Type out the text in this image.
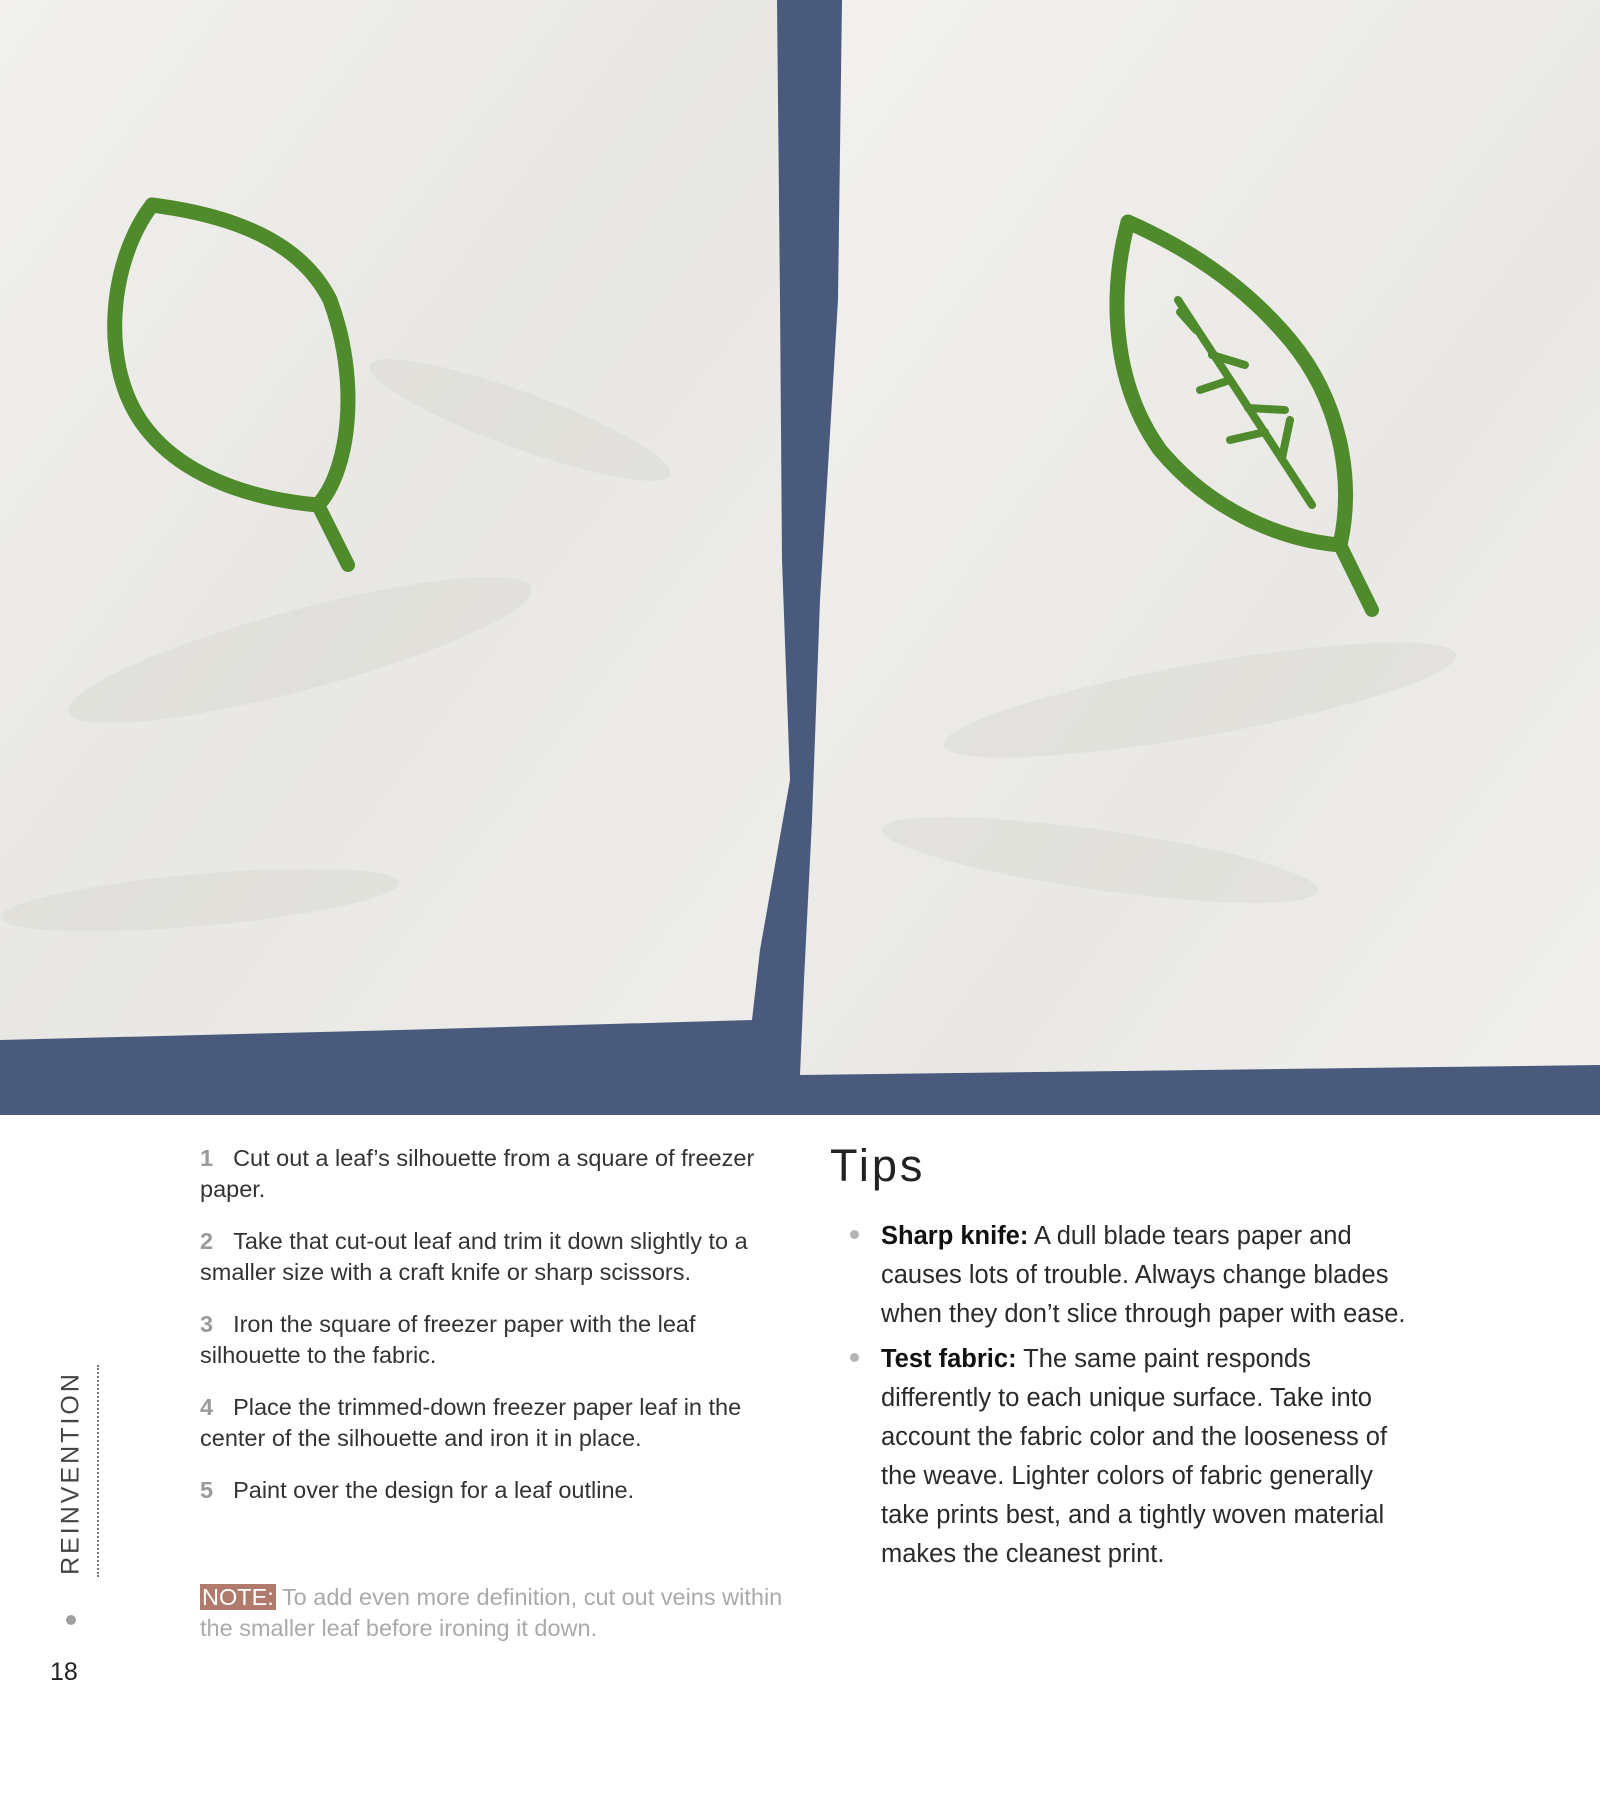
1 Cut out a leaf’s silhouette from a square of freezer paper.

2 Take that cut-out leaf and trim it down slightly to a smaller size with a craft knife or sharp scissors.

3 Iron the square of freezer paper with the leaf silhouette to the fabric.

4 Place the trimmed-down freezer paper leaf in the center of the silhouette and iron it in place.

5 Paint over the design for a leaf outline.

NOTE: To add even more definition, cut out veins within the smaller leaf before ironing it down.
Tips
Sharp knife: A dull blade tears paper and causes lots of trouble. Always change blades when they don’t slice through paper with ease.
Test fabric: The same paint responds differently to each unique surface. Take into account the fabric color and the looseness of the weave. Lighter colors of fabric generally take prints best, and a tightly woven material makes the cleanest print.
REINVENTION
18
